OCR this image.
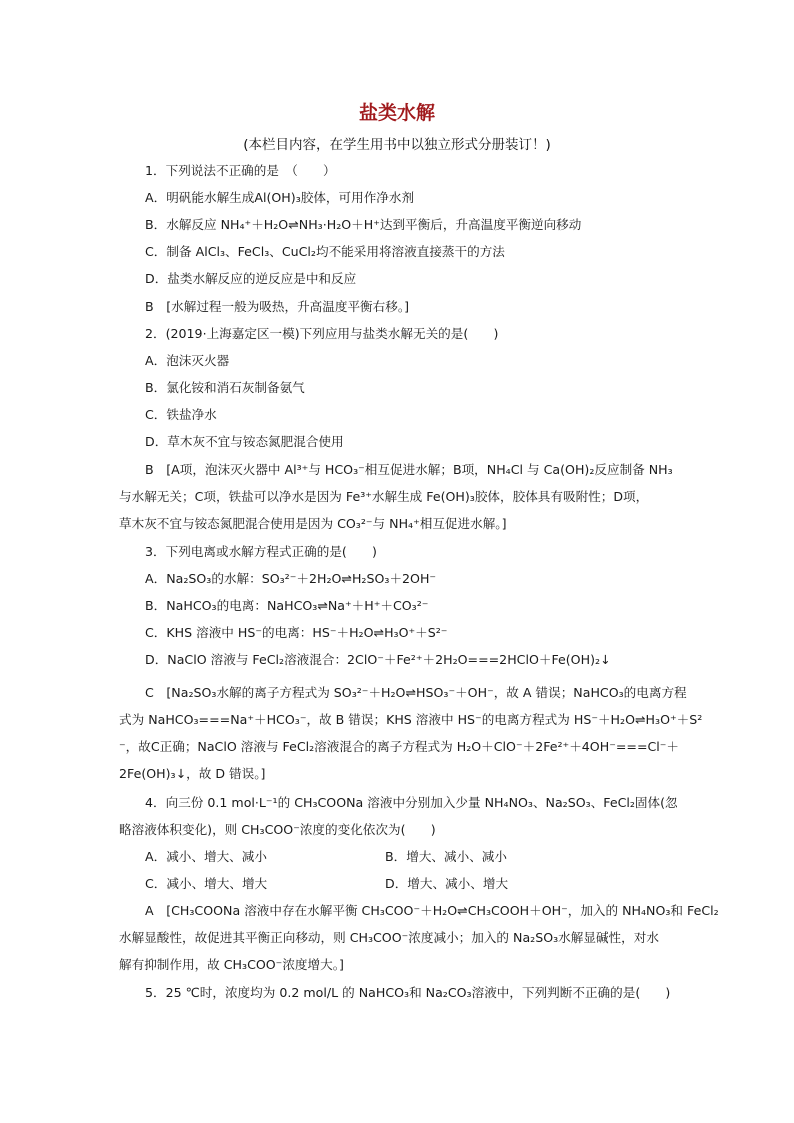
盐类水解
(本栏目内容，在学生用书中以独立形式分册装订！)
1．下列说法不正确的是　（　　）
A．明矾能水解生成Al(OH)₃胶体，可用作净水剂
B．水解反应 NH₄⁺＋H₂O⇌NH₃·H₂O＋H⁺达到平衡后，升高温度平衡逆向移动
C．制备 AlCl₃、FeCl₃、CuCl₂均不能采用将溶液直接蒸干的方法
D．盐类水解反应的逆反应是中和反应
B　[水解过程一般为吸热，升高温度平衡右移。]
2．(2019·上海嘉定区一模)下列应用与盐类水解无关的是(　　)
A．泡沫灭火器
B．氯化铵和消石灰制备氨气
C．铁盐净水
D．草木灰不宜与铵态氮肥混合使用
B　[A项，泡沫灭火器中 Al³⁺与 HCO₃⁻相互促进水解；B项，NH₄Cl 与 Ca(OH)₂反应制备 NH₃
与水解无关；C项，铁盐可以净水是因为 Fe³⁺水解生成 Fe(OH)₃胶体，胶体具有吸附性；D项，
草木灰不宜与铵态氮肥混合使用是因为 CO₃²⁻与 NH₄⁺相互促进水解。]
3．下列电离或水解方程式正确的是(　　)
A．Na₂SO₃的水解：SO₃²⁻＋2H₂O⇌H₂SO₃＋2OH⁻
B．NaHCO₃的电离：NaHCO₃⇌Na⁺＋H⁺＋CO₃²⁻
C．KHS 溶液中 HS⁻的电离：HS⁻＋H₂O⇌H₃O⁺＋S²⁻
D．NaClO 溶液与 FeCl₂溶液混合：2ClO⁻＋Fe²⁺＋2H₂O===2HClO＋Fe(OH)₂↓
C　[Na₂SO₃水解的离子方程式为 SO₃²⁻＋H₂O⇌HSO₃⁻＋OH⁻，故 A 错误；NaHCO₃的电离方程
式为 NaHCO₃===Na⁺＋HCO₃⁻，故 B 错误；KHS 溶液中 HS⁻的电离方程式为 HS⁻＋H₂O⇌H₃O⁺＋S²
⁻，故C正确；NaClO 溶液与 FeCl₂溶液混合的离子方程式为 H₂O＋ClO⁻＋2Fe²⁺＋4OH⁻===Cl⁻＋
2Fe(OH)₃↓，故 D 错误。]
4．向三份 0.1 mol·L⁻¹的 CH₃COONa 溶液中分别加入少量 NH₄NO₃、Na₂SO₃、FeCl₂固体(忽
略溶液体积变化)，则 CH₃COO⁻浓度的变化依次为(　　)
A．减小、增大、减小	B．增大、减小、减小
C．减小、增大、增大	D．增大、减小、增大
A　[CH₃COONa 溶液中存在水解平衡 CH₃COO⁻＋H₂O⇌CH₃COOH＋OH⁻，加入的 NH₄NO₃和 FeCl₂
水解显酸性，故促进其平衡正向移动，则 CH₃COO⁻浓度减小；加入的 Na₂SO₃水解显碱性，对水
解有抑制作用，故 CH₃COO⁻浓度增大。]
5．25 ℃时，浓度均为 0.2 mol/L 的 NaHCO₃和 Na₂CO₃溶液中，下列判断不正确的是(　　)
